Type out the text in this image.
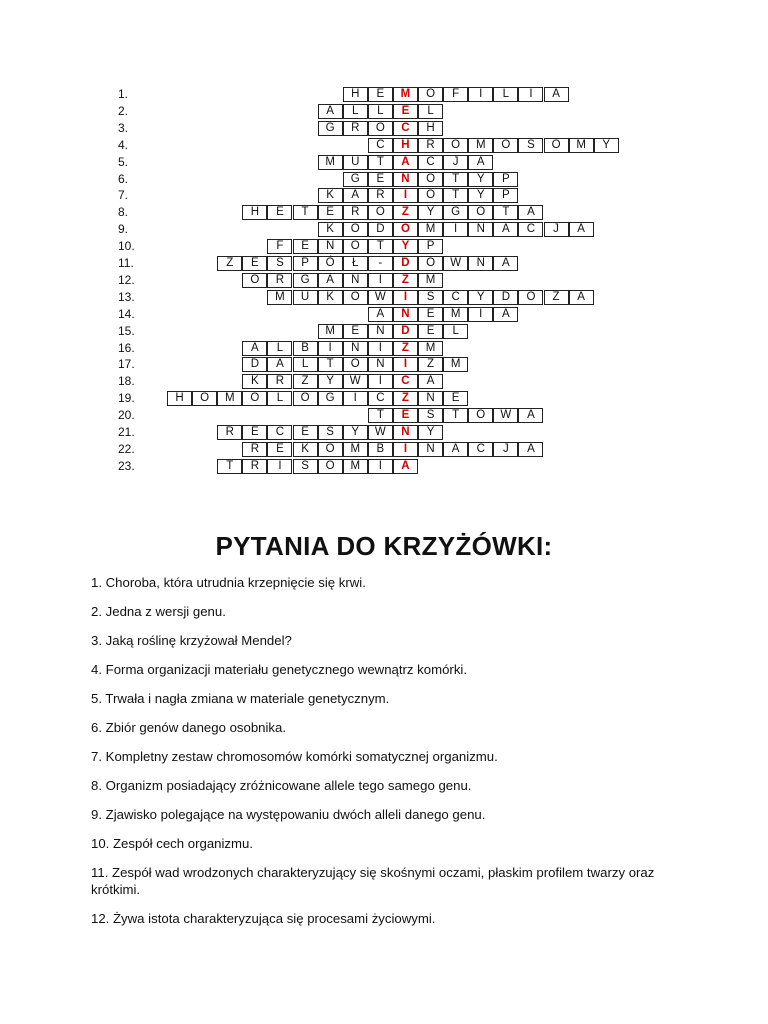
1.	H	E	M	O	F	I	L	I	A
2.	A	L	L	E	L
3.	G	R	O	C	H
4.	C	H	R	O	M	O	S	O	M	Y
5.	M	U	T	A	C	J	A
6.	G	E	N	O	T	Y	P
7.	K	A	R	I	O	T	Y	P
8.	H	E	T	E	R	O	Z	Y	G	O	T	A
9.	K	O	D	O	M	I	N	A	C	J	A
10.	F	E	N	O	T	Y	P
11.	Z	E	S	P	Ó	Ł	-	D	O	W	N	A
12.	O	R	G	A	N	I	Z	M
13.	M	U	K	O	W	I	S	C	Y	D	O	Z	A
14.	A	N	E	M	I	A
15.	M	E	N	D	E	L
16.	A	L	B	I	N	I	Z	M
17.	D	A	L	T	O	N	I	Z	M
18.	K	R	Z	Y	W	I	C	A
19.	H	O	M	O	L	O	G	I	C	Z	N	E
20.	T	E	S	T	O	W	A
21.	R	E	C	E	S	Y	W	N	Y
22.	R	E	K	O	M	B	I	N	A	C	J	A
23.	T	R	I	S	O	M	I	A
PYTANIA DO KRZYŻÓWKI:
1. Choroba, która utrudnia krzepnięcie się krwi.
2. Jedna z wersji genu.
3. Jaką roślinę krzyżował Mendel?
4. Forma organizacji materiału genetycznego wewnątrz komórki.
5. Trwała i nagła zmiana w materiale genetycznym.
6. Zbiór genów danego osobnika.
7. Kompletny zestaw chromosomów komórki somatycznej organizmu.
8. Organizm posiadający zróżnicowane allele tego samego genu.
9. Zjawisko polegające na występowaniu dwóch alleli danego genu.
10. Zespół cech organizmu.
11. Zespół wad wrodzonych charakteryzujący się skośnymi oczami, płaskim profilem twarzy oraz krótkimi.
12. Żywa istota charakteryzująca się procesami życiowymi.
